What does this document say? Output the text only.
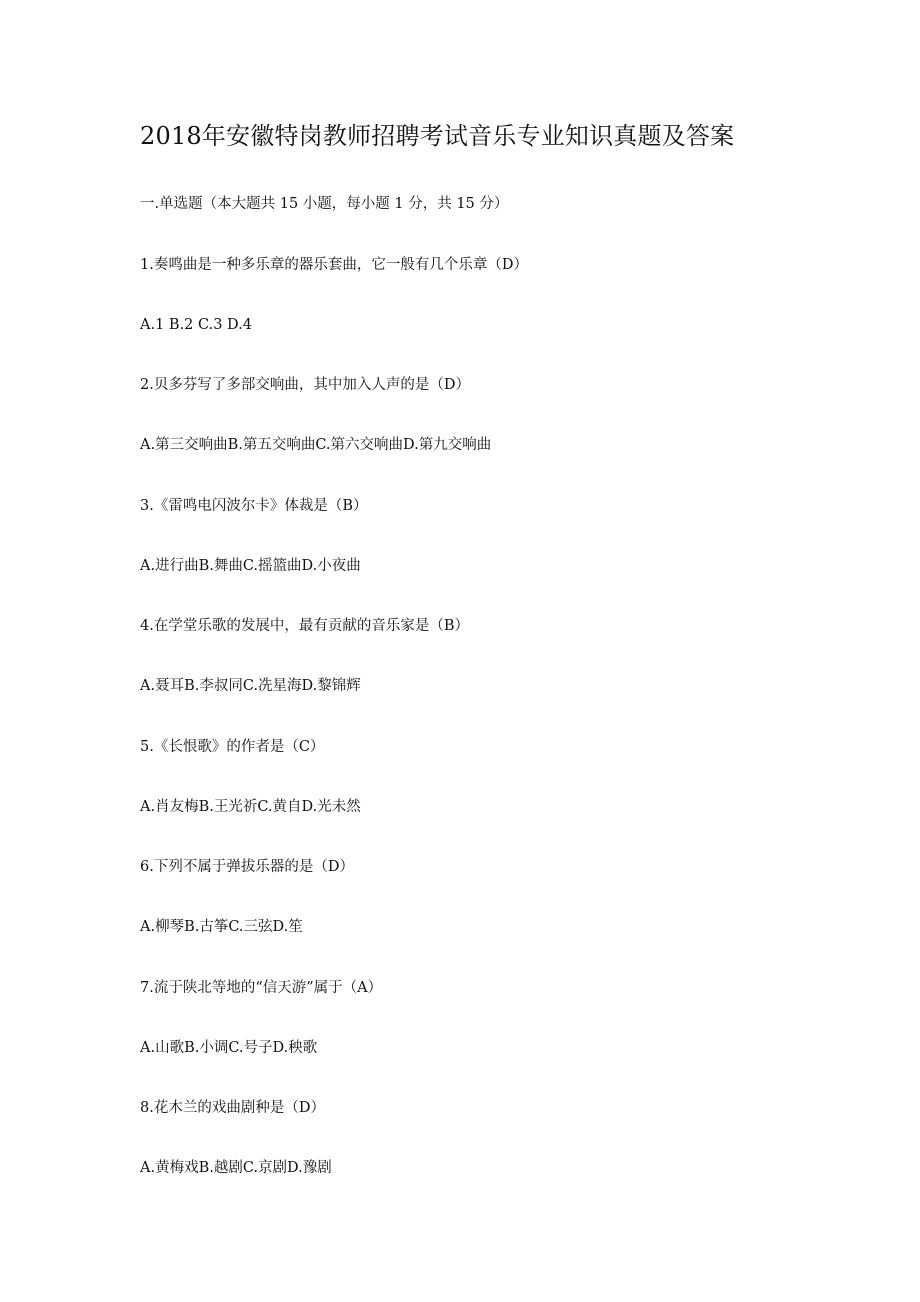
2018年安徽特岗教师招聘考试音乐专业知识真题及答案
一.单选题（本大题共 15 小题，每小题 1 分，共 15 分）
1.奏鸣曲是一种多乐章的器乐套曲，它一般有几个乐章（D）
A.1 B.2 C.3 D.4
2.贝多芬写了多部交响曲，其中加入人声的是（D）
A.第三交响曲B.第五交响曲C.第六交响曲D.第九交响曲
3.《雷鸣电闪波尔卡》体裁是（B）
A.进行曲B.舞曲C.摇篮曲D.小夜曲
4.在学堂乐歌的发展中，最有贡献的音乐家是（B）
A.聂耳B.李叔同C.冼星海D.黎锦辉
5.《长恨歌》的作者是（C）
A.肖友梅B.王光祈C.黄自D.光未然
6.下列不属于弹拔乐器的是（D）
A.柳琴B.古筝C.三弦D.笙
7.流于陕北等地的“信天游”属于（A）
A.山歌B.小调C.号子D.秧歌
8.花木兰的戏曲剧种是（D）
A.黄梅戏B.越剧C.京剧D.豫剧
